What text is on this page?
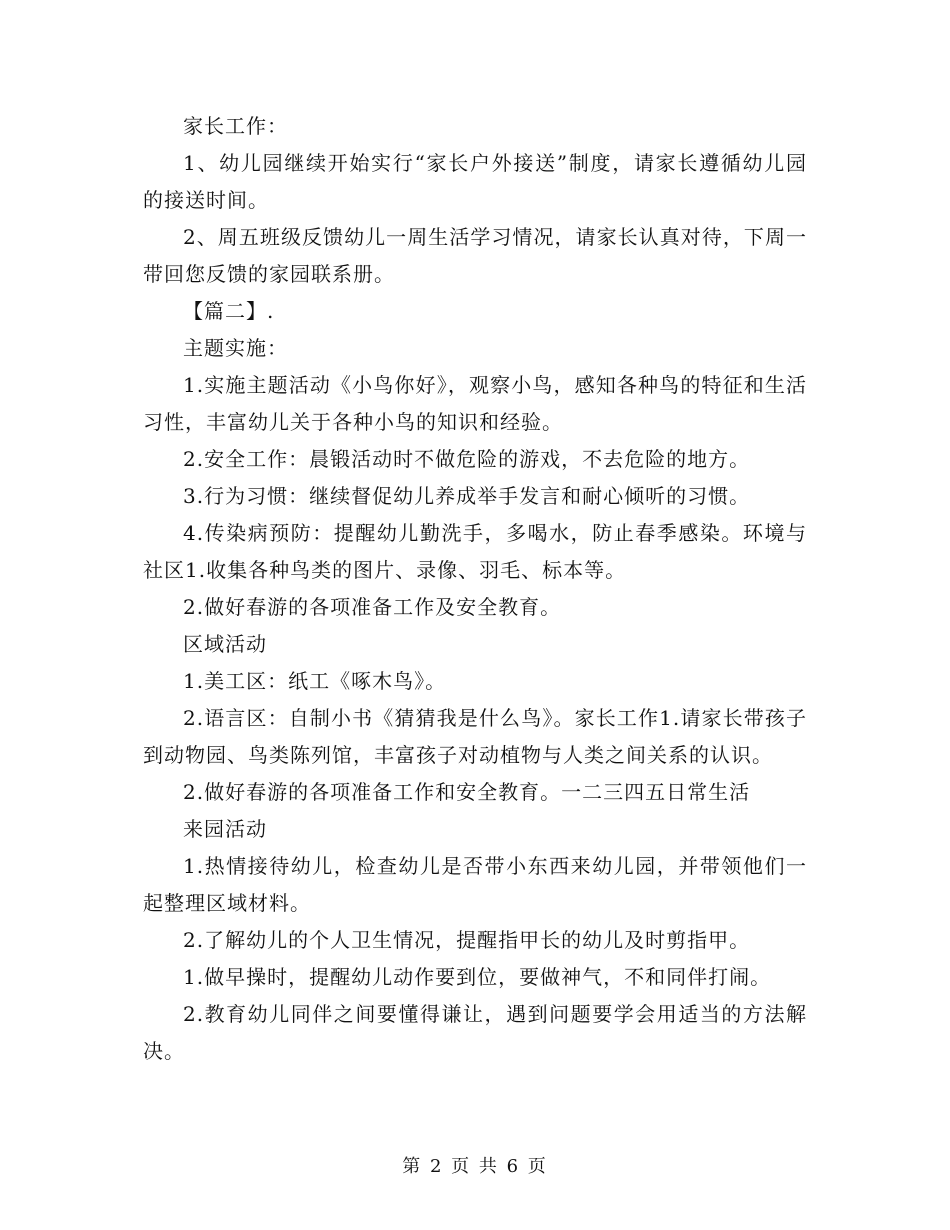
家长工作：

1、幼儿园继续开始实行“家长户外接送”制度，请家长遵循幼儿园的接送时间。

2、周五班级反馈幼儿一周生活学习情况，请家长认真对待，下周一带回您反馈的家园联系册。

【篇二】.

主题实施：

1.实施主题活动《小鸟你好》，观察小鸟，感知各种鸟的特征和生活习性，丰富幼儿关于各种小鸟的知识和经验。

2.安全工作：晨锻活动时不做危险的游戏，不去危险的地方。

3.行为习惯：继续督促幼儿养成举手发言和耐心倾听的习惯。

4.传染病预防：提醒幼儿勤洗手，多喝水，防止春季感染。环境与社区1.收集各种鸟类的图片、录像、羽毛、标本等。

2.做好春游的各项准备工作及安全教育。

区域活动

1.美工区：纸工《啄木鸟》。

2.语言区：自制小书《猜猜我是什么鸟》。家长工作1.请家长带孩子到动物园、鸟类陈列馆，丰富孩子对动植物与人类之间关系的认识。

2.做好春游的各项准备工作和安全教育。一二三四五日常生活

来园活动

1.热情接待幼儿，检查幼儿是否带小东西来幼儿园，并带领他们一起整理区域材料。

2.了解幼儿的个人卫生情况，提醒指甲长的幼儿及时剪指甲。

1.做早操时，提醒幼儿动作要到位，要做神气，不和同伴打闹。

2.教育幼儿同伴之间要懂得谦让，遇到问题要学会用适当的方法解决。

第 2 页 共 6 页
